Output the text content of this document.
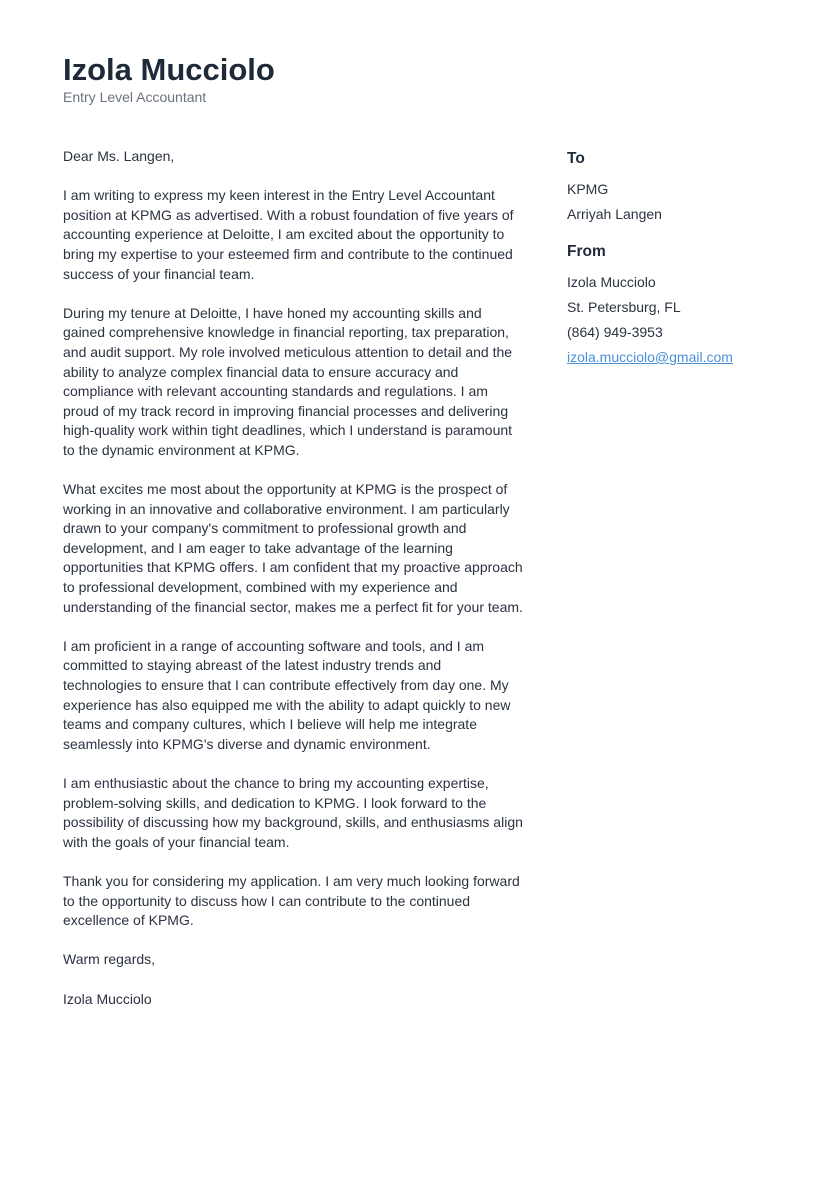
Izola Mucciolo
Entry Level Accountant

Dear Ms. Langen,

I am writing to express my keen interest in the Entry Level Accountant position at KPMG as advertised. With a robust foundation of five years of accounting experience at Deloitte, I am excited about the opportunity to bring my expertise to your esteemed firm and contribute to the continued success of your financial team.

During my tenure at Deloitte, I have honed my accounting skills and gained comprehensive knowledge in financial reporting, tax preparation, and audit support. My role involved meticulous attention to detail and the ability to analyze complex financial data to ensure accuracy and compliance with relevant accounting standards and regulations. I am proud of my track record in improving financial processes and delivering high-quality work within tight deadlines, which I understand is paramount to the dynamic environment at KPMG.

What excites me most about the opportunity at KPMG is the prospect of working in an innovative and collaborative environment. I am particularly drawn to your company's commitment to professional growth and development, and I am eager to take advantage of the learning opportunities that KPMG offers. I am confident that my proactive approach to professional development, combined with my experience and understanding of the financial sector, makes me a perfect fit for your team.

I am proficient in a range of accounting software and tools, and I am committed to staying abreast of the latest industry trends and technologies to ensure that I can contribute effectively from day one. My experience has also equipped me with the ability to adapt quickly to new teams and company cultures, which I believe will help me integrate seamlessly into KPMG's diverse and dynamic environment.

I am enthusiastic about the chance to bring my accounting expertise, problem-solving skills, and dedication to KPMG. I look forward to the possibility of discussing how my background, skills, and enthusiasms align with the goals of your financial team.

Thank you for considering my application. I am very much looking forward to the opportunity to discuss how I can contribute to the continued excellence of KPMG.

Warm regards,

Izola Mucciolo

To
KPMG
Arriyah Langen
From
Izola Mucciolo
St. Petersburg, FL
(864) 949-3953
izola.mucciolo@gmail.com
